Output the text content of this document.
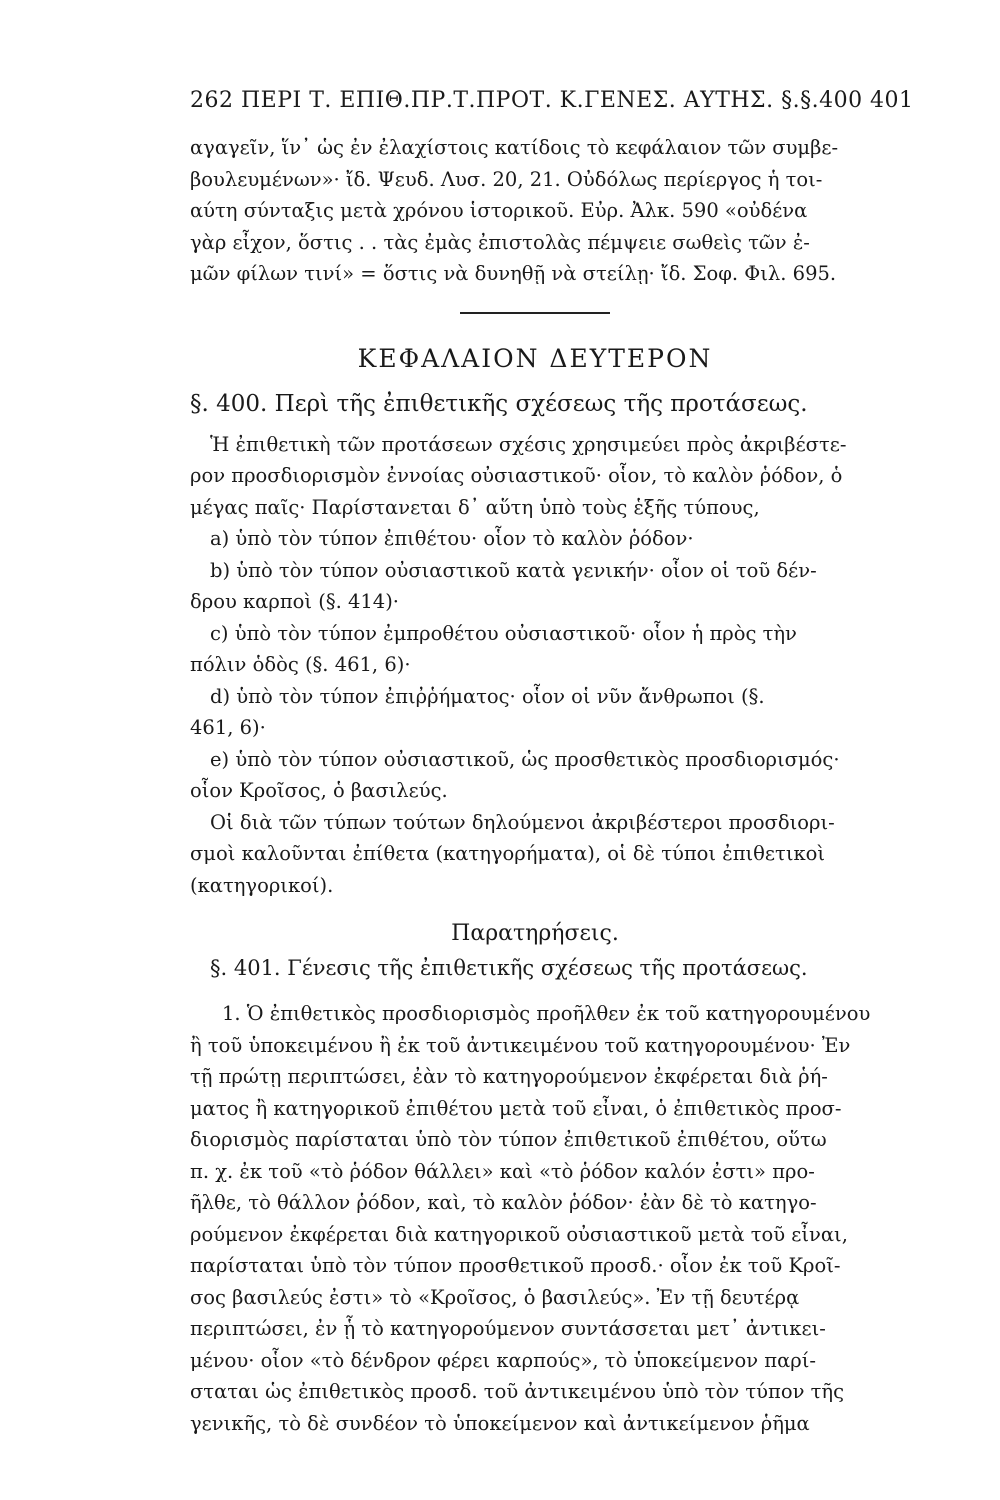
262 ΠΕΡΙ Τ. ΕΠΙΘ.ΠΡ.Τ.ΠΡΟΤ. Κ.ΓΕΝΕΣ. ΑΥΤΗΣ. §.§.400 401
αγαγεῖν, ἵν᾽ ὡς ἐν ἐλαχίστοις κατίδοις τὸ κεφάλαιον τῶν συμβε-
βουλευμένων»· ἴδ. Ψευδ. Λυσ. 20, 21. Οὐδόλως περίεργος ἡ τοι-
αύτη σύνταξις μετὰ χρόνου ἱστορικοῦ. Εὐρ. Ἀλκ. 590 «οὐδένα
γὰρ εἶχον, ὅστις . . τὰς ἐμὰς ἐπιστολὰς πέμψειε σωθεὶς τῶν ἐ-
μῶν φίλων τινί» = ὅστις νὰ δυνηθῇ νὰ στείλῃ· ἴδ. Σοφ. Φιλ. 695.
ΚΕΦΑΛΑΙΟΝ ΔΕΥΤΕΡΟΝ
§. 400. Περὶ τῆς ἐπιθετικῆς σχέσεως τῆς προτάσεως.
Ἡ ἐπιθετικὴ τῶν προτάσεων σχέσις χρησιμεύει πρὸς ἀκριβέστε-
ρον προσδιορισμὸν ἐννοίας οὐσιαστικοῦ· οἷον, τὸ καλὸν ῥόδον, ὁ
μέγας παῖς· Παρίστανεται δ᾽ αὕτη ὑπὸ τοὺς ἑξῆς τύπους,
a) ὑπὸ τὸν τύπον ἐπιθέτου· οἷον τὸ καλὸν ῥόδον·
b) ὑπὸ τὸν τύπον οὐσιαστικοῦ κατὰ γενικήν· οἷον οἱ τοῦ δέν-
δρου καρποὶ (§. 414)·
c) ὑπὸ τὸν τύπον ἐμπροθέτου οὐσιαστικοῦ· οἷον ἡ πρὸς τὴν
πόλιν ὁδὸς (§. 461, 6)·
d) ὑπὸ τὸν τύπον ἐπιῤῥήματος· οἷον οἱ νῦν ἄνθρωποι (§.
461, 6)·
e) ὑπὸ τὸν τύπον οὐσιαστικοῦ, ὡς προσθετικὸς προσδιορισμός·
οἷον Κροῖσος, ὁ βασιλεύς.
Οἱ διὰ τῶν τύπων τούτων δηλούμενοι ἀκριβέστεροι προσδιορι-
σμοὶ καλοῦνται ἐπίθετα (κατηγορήματα), οἱ δὲ τύποι ἐπιθετικοὶ
(κατηγορικοί).
Παρατηρήσεις.
§. 401. Γένεσις τῆς ἐπιθετικῆς σχέσεως τῆς προτάσεως.
1. Ὁ ἐπιθετικὸς προσδιορισμὸς προῆλθεν ἐκ τοῦ κατηγορουμένου
ἢ τοῦ ὑποκειμένου ἢ ἐκ τοῦ ἀντικειμένου τοῦ κατηγορουμένου· Ἐν
τῇ πρώτῃ περιπτώσει, ἐὰν τὸ κατηγορούμενον ἐκφέρεται διὰ ῥή-
ματος ἢ κατηγορικοῦ ἐπιθέτου μετὰ τοῦ εἶναι, ὁ ἐπιθετικὸς προσ-
διορισμὸς παρίσταται ὑπὸ τὸν τύπον ἐπιθετικοῦ ἐπιθέτου, οὕτω
π. χ. ἐκ τοῦ «τὸ ῥόδον θάλλει» καὶ «τὸ ῥόδον καλόν ἐστι» προ-
ῆλθε, τὸ θάλλον ῥόδον, καὶ, τὸ καλὸν ῥόδον· ἐὰν δὲ τὸ κατηγο-
ρούμενον ἐκφέρεται διὰ κατηγορικοῦ οὐσιαστικοῦ μετὰ τοῦ εἶναι,
παρίσταται ὑπὸ τὸν τύπον προσθετικοῦ προσδ.· οἷον ἐκ τοῦ Κροῖ-
σος βασιλεύς ἐστι» τὸ «Κροῖσος, ὁ βασιλεύς». Ἐν τῇ δευτέρᾳ
περιπτώσει, ἐν ᾗ τὸ κατηγορούμενον συντάσσεται μετ᾽ ἀντικει-
μένου· οἷον «τὸ δένδρον φέρει καρπούς», τὸ ὑποκείμενον παρί-
σταται ὡς ἐπιθετικὸς προσδ. τοῦ ἀντικειμένου ὑπὸ τὸν τύπον τῆς
γενικῆς, τὸ δὲ συνδέον τὸ ὑποκείμενον καὶ ἀντικείμενον ῥῆμα
